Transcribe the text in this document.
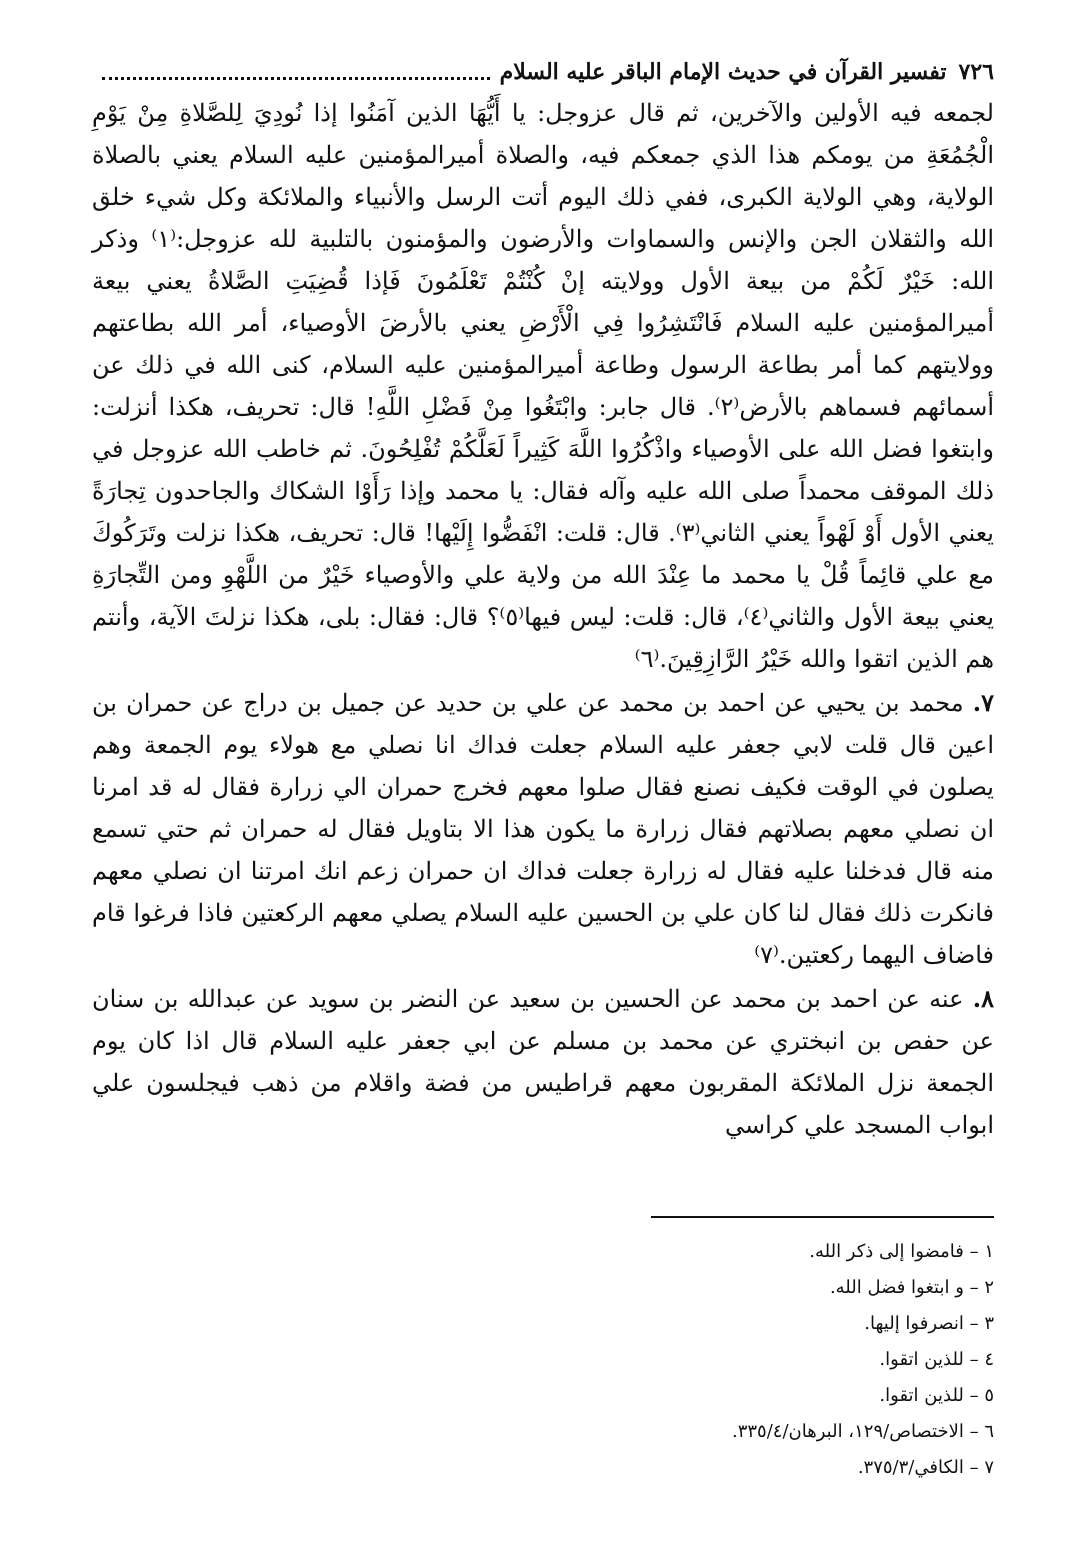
٧٢٦
تفسير القرآن في حديث الإمام الباقر عليه السلام

لجمعه فيه الأولين والآخرين، ثم قال عزوجل: يا أَيُّهَا الذين آمَنُوا إذا نُودِيَ لِلصَّلاةِ مِنْ يَوْمِ الْجُمُعَةِ من يومكم هذا الذي جمعكم فيه، والصلاة أميرالمؤمنين عليه السلام يعني بالصلاة الولاية، وهي الولاية الكبرى، ففي ذلك اليوم أتت الرسل والأنبياء والملائكة وكل شيء خلق الله والثقلان الجن والإنس والسماوات والأرضون والمؤمنون بالتلبية لله عزوجل:⁽١⁾ وذكر الله: خَيْرٌ لَكُمْ من بيعة الأول وولايته إنْ كُنْتُمْ تَعْلَمُونَ فَإذا قُضِيَتِ الصَّلاةُ يعني بيعة أميرالمؤمنين عليه السلام فَانْتَشِرُوا فِي الْأَرْضِ يعني بالأرضَ الأوصياء، أمر الله بطاعتهم وولايتهم كما أمر بطاعة الرسول وطاعة أميرالمؤمنين عليه السلام، كنى الله في ذلك عن أسمائهم فسماهم بالأرض⁽٢⁾. قال جابر: وابْتَغُوا مِنْ فَضْلِ اللَّهِ! قال: تحريف، هكذا أنزلت: وابتغوا فضل الله على الأوصياء واذْكُرُوا اللَّهَ كَثِيراً لَعَلَّكُمْ تُفْلِحُونَ. ثم خاطب الله عزوجل في ذلك الموقف محمداً صلى الله عليه وآله فقال: يا محمد وإذا رَأَوْا الشكاك والجاحدون تِجارَةً يعني الأول أَوْ لَهْواً يعني الثاني⁽٣⁾. قال: قلت: انْفَضُّوا إِلَيْها! قال: تحريف، هكذا نزلت وتَرَكُوكَ مع علي قائِماً قُلْ يا محمد ما عِنْدَ الله من ولاية علي والأوصياء خَيْرٌ من اللَّهْوِ ومن التِّجارَةِ يعني بيعة الأول والثاني⁽٤⁾، قال: قلت: ليس فيها⁽٥⁾؟ قال: فقال: بلى، هكذا نزلتَ الآية، وأنتم هم الذين اتقوا والله خَيْرُ الرَّازِقِينَ.⁽٦⁾

٧. محمد بن يحيي عن احمد بن محمد عن علي بن حديد عن جميل بن دراج عن حمران بن اعين قال قلت لابي جعفر عليه السلام جعلت فداك انا نصلي مع هولاء يوم الجمعة وهم يصلون في الوقت فكيف نصنع فقال صلوا معهم فخرج حمران الي زرارة فقال له قد امرنا ان نصلي معهم بصلاتهم فقال زرارة ما يكون هذا الا بتاويل فقال له حمران ثم حتي تسمع منه قال فدخلنا عليه فقال له زرارة جعلت فداك ان حمران زعم انك امرتنا ان نصلي معهم فانكرت ذلك فقال لنا كان علي بن الحسين عليه السلام يصلي معهم الركعتين فاذا فرغوا قام فاضاف اليهما ركعتين.⁽٧⁾

٨. عنه عن احمد بن محمد عن الحسين بن سعيد عن النضر بن سويد عن عبدالله بن سنان عن حفص بن انبختري عن محمد بن مسلم عن ابي جعفر عليه السلام قال اذا كان يوم الجمعة نزل الملائكة المقربون معهم قراطيس من فضة واقلام من ذهب فيجلسون علي ابواب المسجد علي كراسي

١ – فامضوا إلى ذكر الله.
٢ – و ابتغوا فضل الله.
٣ – انصرفوا إليها.
٤ – للذين اتقوا.
٥ – للذين اتقوا.
٦ – الاختصاص/١٢٩، البرهان/٣٣٥/٤.
٧ – الكافي/٣٧٥/٣.
